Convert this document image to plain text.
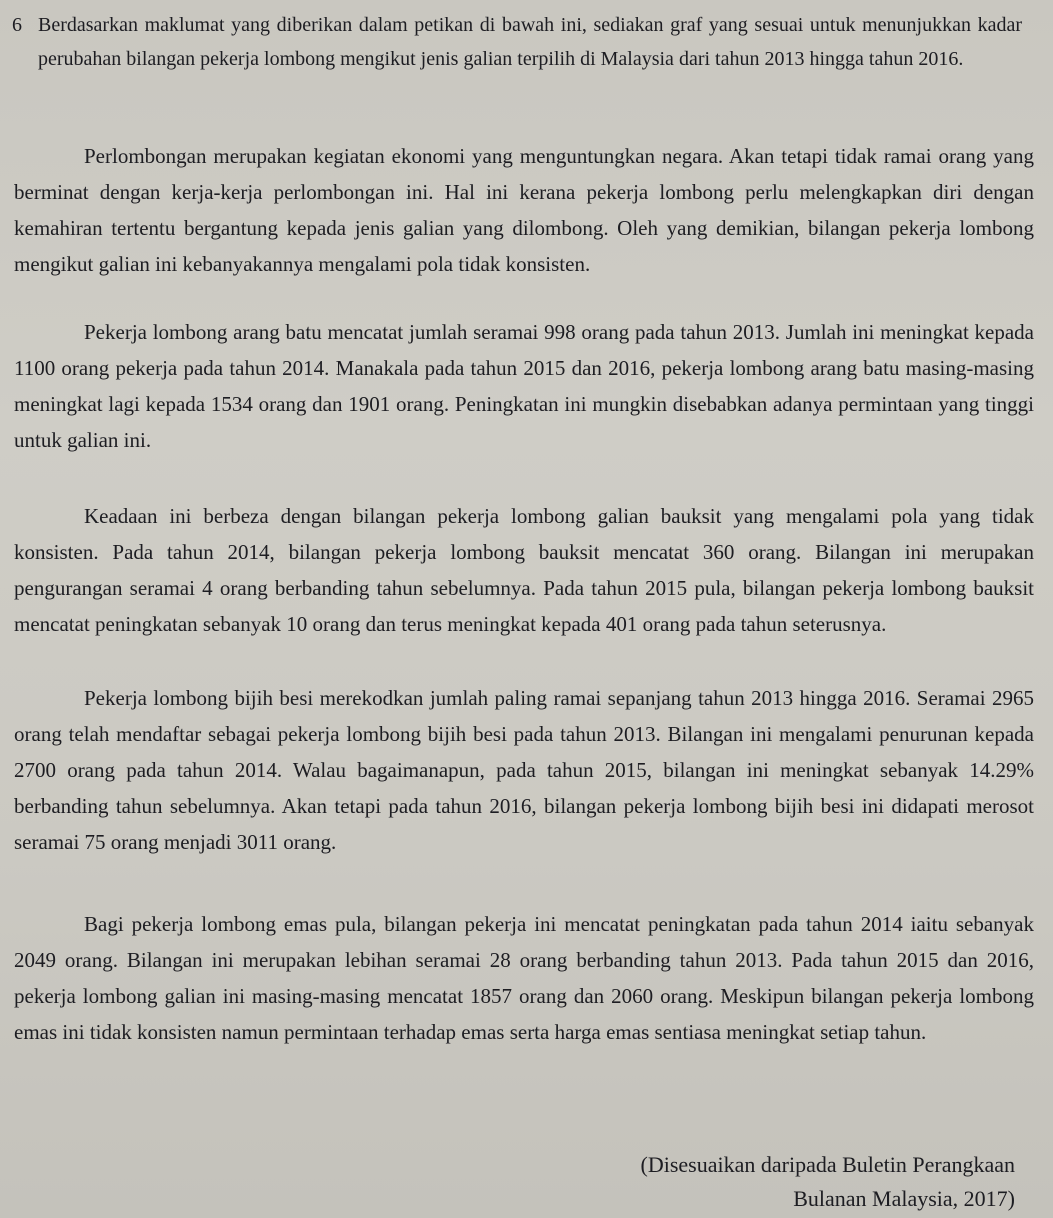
6 Berdasarkan maklumat yang diberikan dalam petikan di bawah ini, sediakan graf yang sesuai untuk menunjukkan kadar perubahan bilangan pekerja lombong mengikut jenis galian terpilih di Malaysia dari tahun 2013 hingga tahun 2016.

Perlombongan merupakan kegiatan ekonomi yang menguntungkan negara. Akan tetapi tidak ramai orang yang berminat dengan kerja-kerja perlombongan ini. Hal ini kerana pekerja lombong perlu melengkapkan diri dengan kemahiran tertentu bergantung kepada jenis galian yang dilombong. Oleh yang demikian, bilangan pekerja lombong mengikut galian ini kebanyakannya mengalami pola tidak konsisten.

Pekerja lombong arang batu mencatat jumlah seramai 998 orang pada tahun 2013. Jumlah ini meningkat kepada 1100 orang pekerja pada tahun 2014. Manakala pada tahun 2015 dan 2016, pekerja lombong arang batu masing-masing meningkat lagi kepada 1534 orang dan 1901 orang. Peningkatan ini mungkin disebabkan adanya permintaan yang tinggi untuk galian ini.

Keadaan ini berbeza dengan bilangan pekerja lombong galian bauksit yang mengalami pola yang tidak konsisten. Pada tahun 2014, bilangan pekerja lombong bauksit mencatat 360 orang. Bilangan ini merupakan pengurangan seramai 4 orang berbanding tahun sebelumnya. Pada tahun 2015 pula, bilangan pekerja lombong bauksit mencatat peningkatan sebanyak 10 orang dan terus meningkat kepada 401 orang pada tahun seterusnya.

Pekerja lombong bijih besi merekodkan jumlah paling ramai sepanjang tahun 2013 hingga 2016. Seramai 2965 orang telah mendaftar sebagai pekerja lombong bijih besi pada tahun 2013. Bilangan ini mengalami penurunan kepada 2700 orang pada tahun 2014. Walau bagaimanapun, pada tahun 2015, bilangan ini meningkat sebanyak 14.29% berbanding tahun sebelumnya. Akan tetapi pada tahun 2016, bilangan pekerja lombong bijih besi ini didapati merosot seramai 75 orang menjadi 3011 orang.

Bagi pekerja lombong emas pula, bilangan pekerja ini mencatat peningkatan pada tahun 2014 iaitu sebanyak 2049 orang. Bilangan ini merupakan lebihan seramai 28 orang berbanding tahun 2013. Pada tahun 2015 dan 2016, pekerja lombong galian ini masing-masing mencatat 1857 orang dan 2060 orang. Meskipun bilangan pekerja lombong emas ini tidak konsisten namun permintaan terhadap emas serta harga emas sentiasa meningkat setiap tahun.

(Disesuaikan daripada Buletin Perangkaan
Bulanan Malaysia, 2017)
